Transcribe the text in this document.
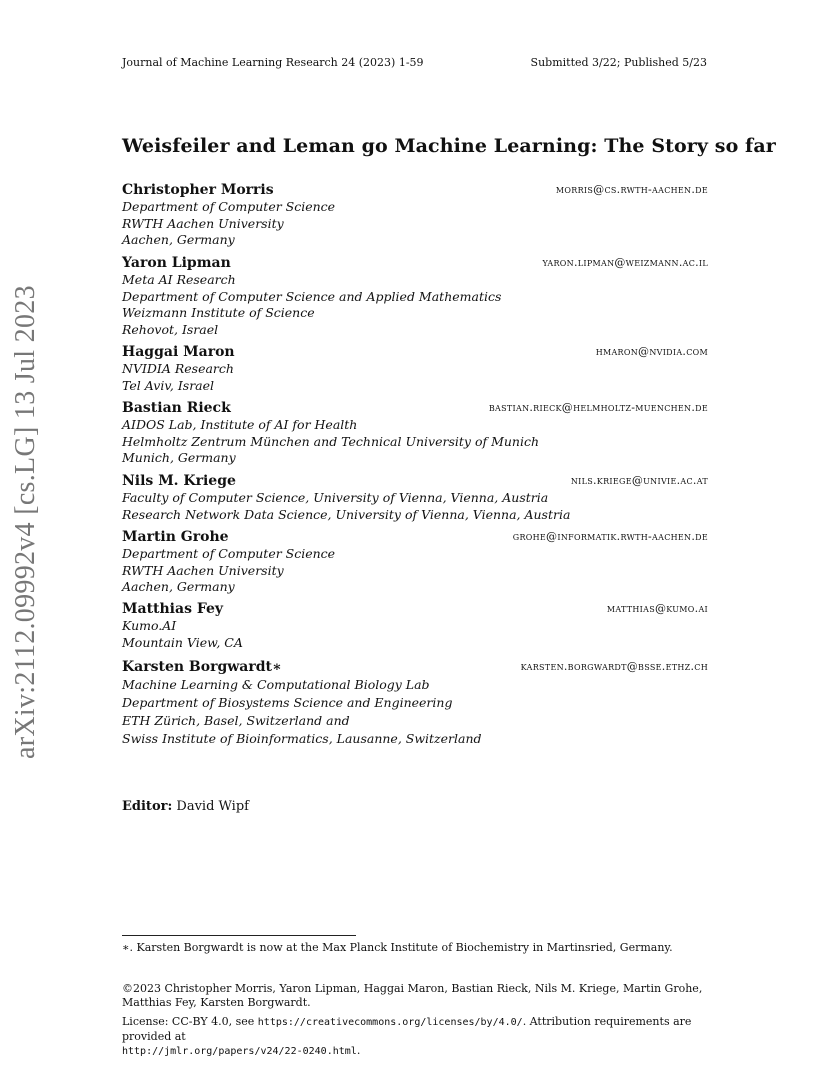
Journal of Machine Learning Research 24 (2023) 1-59	Submitted 3/22; Published 5/23
arXiv:2112.09992v4 [cs.LG] 13 Jul 2023
Weisfeiler and Leman go Machine Learning: The Story so far
Christopher Morris	morris@cs.rwth-aachen.de
Department of Computer Science
RWTH Aachen University
Aachen, Germany
Yaron Lipman	yaron.lipman@weizmann.ac.il
Meta AI Research
Department of Computer Science and Applied Mathematics
Weizmann Institute of Science
Rehovot, Israel
Haggai Maron	hmaron@nvidia.com
NVIDIA Research
Tel Aviv, Israel
Bastian Rieck	bastian.rieck@helmholtz-muenchen.de
AIDOS Lab, Institute of AI for Health
Helmholtz Zentrum München and Technical University of Munich
Munich, Germany
Nils M. Kriege	nils.kriege@univie.ac.at
Faculty of Computer Science, University of Vienna, Vienna, Austria
Research Network Data Science, University of Vienna, Vienna, Austria
Martin Grohe	grohe@informatik.rwth-aachen.de
Department of Computer Science
RWTH Aachen University
Aachen, Germany
Matthias Fey	matthias@kumo.ai
Kumo.AI
Mountain View, CA
Karsten Borgwardt∗	karsten.borgwardt@bsse.ethz.ch
Machine Learning & Computational Biology Lab
Department of Biosystems Science and Engineering
ETH Zürich, Basel, Switzerland and
Swiss Institute of Bioinformatics, Lausanne, Switzerland
Editor: David Wipf
∗. Karsten Borgwardt is now at the Max Planck Institute of Biochemistry in Martinsried, Germany.
©2023 Christopher Morris, Yaron Lipman, Haggai Maron, Bastian Rieck, Nils M. Kriege, Martin Grohe, Matthias Fey, Karsten Borgwardt.
License: CC-BY 4.0, see https://creativecommons.org/licenses/by/4.0/. Attribution requirements are provided at
http://jmlr.org/papers/v24/22-0240.html.
